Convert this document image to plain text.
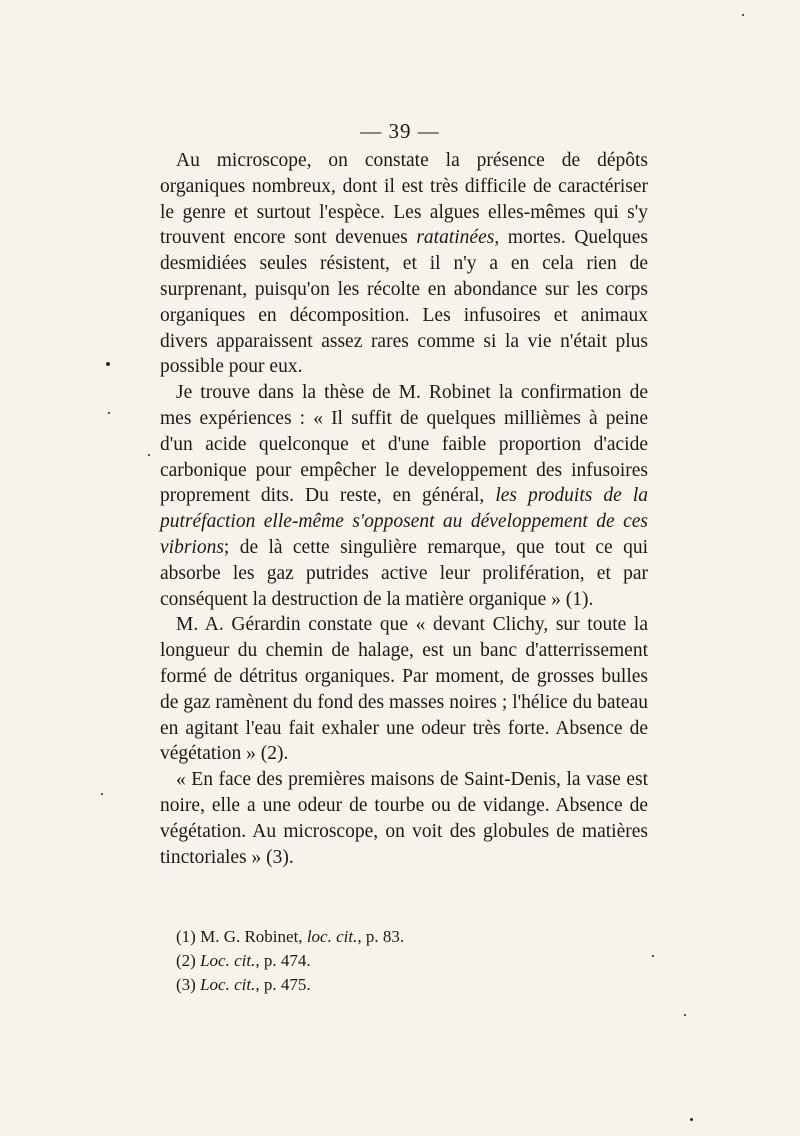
— 39 —

Au microscope, on constate la présence de dépôts organiques nombreux, dont il est très difficile de caractériser le genre et surtout l'espèce. Les algues elles-mêmes qui s'y trouvent encore sont devenues ratatinées, mortes. Quelques desmidiées seules résistent, et il n'y a en cela rien de surprenant, puisqu'on les récolte en abondance sur les corps organiques en décomposition. Les infusoires et animaux divers apparaissent assez rares comme si la vie n'était plus possible pour eux.

Je trouve dans la thèse de M. Robinet la confirmation de mes expériences : « Il suffit de quelques millièmes à peine d'un acide quelconque et d'une faible proportion d'acide carbonique pour empêcher le developpement des infusoires proprement dits. Du reste, en général, les produits de la putréfaction elle-même s'opposent au développement de ces vibrions; de là cette singulière remarque, que tout ce qui absorbe les gaz putrides active leur prolifération, et par conséquent la destruction de la matière organique » (1).

M. A. Gérardin constate que « devant Clichy, sur toute la longueur du chemin de halage, est un banc d'atterrissement formé de détritus organiques. Par moment, de grosses bulles de gaz ramènent du fond des masses noires ; l'hélice du bateau en agitant l'eau fait exhaler une odeur très forte. Absence de végétation » (2).

« En face des premières maisons de Saint-Denis, la vase est noire, elle a une odeur de tourbe ou de vidange. Absence de végétation. Au microscope, on voit des globules de matières tinctoriales » (3).

(1) M. G. Robinet, loc. cit., p. 83.
(2) Loc. cit., p. 474.
(3) Loc. cit., p. 475.
